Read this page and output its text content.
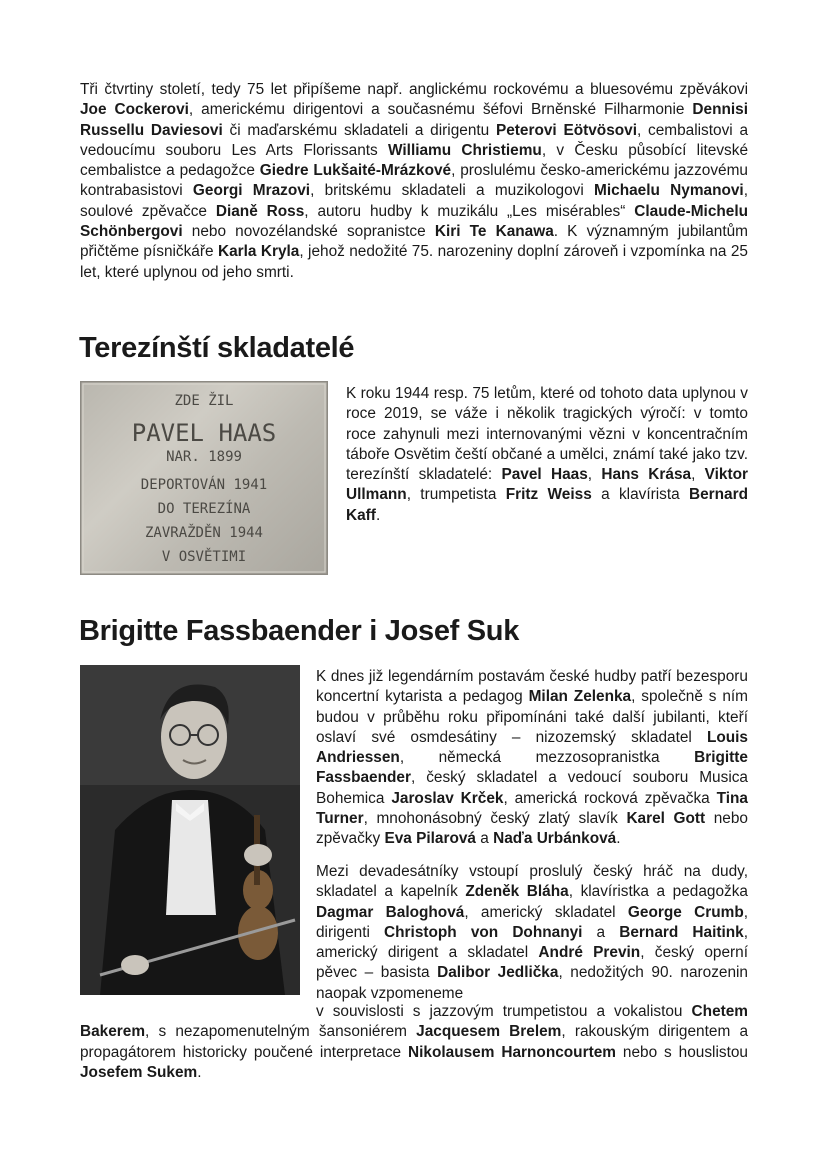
Tři čtvrtiny století, tedy 75 let připíšeme např. anglickému rockovému a bluesovému zpěvákovi Joe Cockerovi, americkému dirigentovi a současnému šéfovi Brněnské Filharmonie Dennisi Russellu Daviesovi či maďarskému skladateli a dirigentu Peterovi Eötvösovi, cembalistovi a vedoucímu souboru Les Arts Florissants Williamu Christiemu, v Česku působící litevské cembalistce a pedagožce Giedre Lukšaité-Mrázkové, proslulému česko-americkému jazzovému kontrabasistovi Georgi Mrazovi, britskému skladateli a muzikologovi Michaelu Nymanovi, soulové zpěvačce Dianě Ross, autoru hudby k muzikálu „Les misérables“ Claude-Michelu Schönbergovi nebo novozélandské sopranistce Kiri Te Kanawa. K významným jubilantům přičtěme písničkáře Karla Kryla, jehož nedožité 75. narozeniny doplní zároveň i vzpomínka na 25 let, které uplynou od jeho smrti.

Terezínští skladatelé
ZDE ŽIL
PAVEL HAAS
NAR. 1899
DEPORTOVÁN 1941
DO TEREZÍNA
ZAVRAŽDĚN 1944
V OSVĚTIMI

K roku 1944 resp. 75 letům, které od tohoto data uplynou v roce 2019, se váže i několik tragických výročí: v tomto roce zahynuli mezi internovanými vězni v koncentračním táboře Osvětim čeští občané a umělci, známí také jako tzv. terezínští skladatelé: Pavel Haas, Hans Krása, Viktor Ullmann, trumpetista Fritz Weiss a klavírista Bernard Kaff.

Brigitte Fassbaender i Josef Suk

K dnes již legendárním postavám české hudby patří bezesporu koncertní kytarista a pedagog Milan Zelenka, společně s ním budou v průběhu roku připomínáni také další jubilanti, kteří oslaví své osmdesátiny – nizozemský skladatel Louis Andriessen, německá mezzosopranistka Brigitte Fassbaender, český skladatel a vedoucí souboru Musica Bohemica Jaroslav Krček, americká rocková zpěvačka Tina Turner, mnohonásobný český zlatý slavík Karel Gott nebo zpěvačky Eva Pilarová a Naďa Urbánková.

Mezi devadesátníky vstoupí proslulý český hráč na dudy, skladatel a kapelník Zdeněk Bláha, klavíristka a pedagožka Dagmar Baloghová, americký skladatel George Crumb, dirigenti Christoph von Dohnanyi a Bernard Haitink, americký dirigent a skladatel André Previn, český operní pěvec – basista Dalibor Jedlička, nedožitých 90. narozenin naopak vzpomeneme

v souvislosti s jazzovým trumpetistou a vokalistou Chetem Bakerem, s nezapomenutelným šansoniérem Jacquesem Brelem, rakouským dirigentem a propagátorem historicky poučené interpretace Nikolausem Harnoncourtem nebo s houslistou Josefem Sukem.
